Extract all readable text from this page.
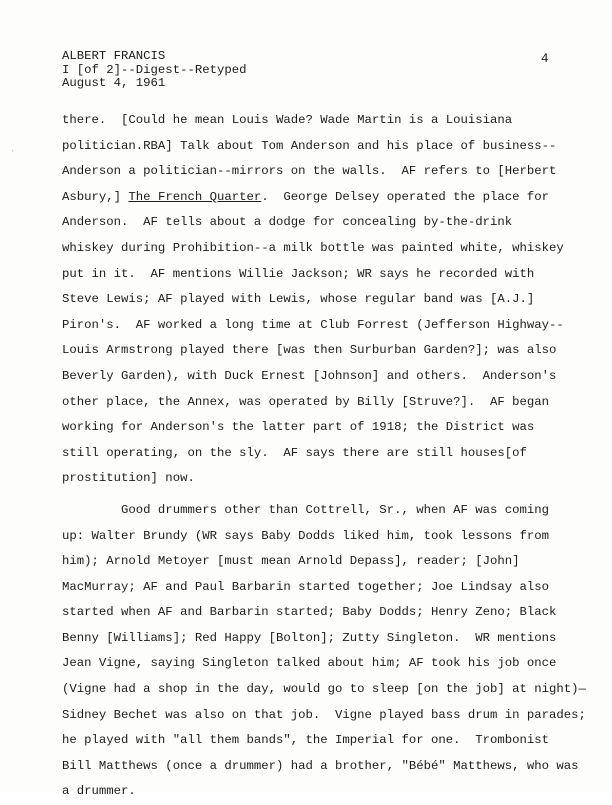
ALBERT FRANCIS
I [of 2]--Digest--Retyped
August 4, 1961
4
ˊ
there.  [Could he mean Louis Wade? Wade Martin is a Louisiana
politician.RBA] Talk about Tom Anderson and his place of business--
Anderson a politician--mirrors on the walls.  AF refers to [Herbert
Asbury,] The French Quarter.  George Delsey operated the place for
Anderson.  AF tells about a dodge for concealing by-the-drink
whiskey during Prohibition--a milk bottle was painted white, whiskey
put in it.  AF mentions Willie Jackson; WR says he recorded with
Steve Lewis; AF played with Lewis, whose regular band was [A.J.]
Piron's.  AF worked a long time at Club Forrest (Jefferson Highway--
Louis Armstrong played there [was then Surburban Garden?]; was also
Beverly Garden), with Duck Ernest [Johnson] and others.  Anderson's
other place, the Annex, was operated by Billy [Struve?].  AF began
working for Anderson's the latter part of 1918; the District was
still operating, on the sly.  AF says there are still houses[of
prostitution] now.
Good drummers other than Cottrell, Sr., when AF was coming
up: Walter Brundy (WR says Baby Dodds liked him, took lessons from
him); Arnold Metoyer [must mean Arnold Depass], reader; [John]
MacMurray; AF and Paul Barbarin started together; Joe Lindsay also
started when AF and Barbarin started; Baby Dodds; Henry Zeno; Black
Benny [Williams]; Red Happy [Bolton]; Zutty Singleton.  WR mentions
Jean Vigne, saying Singleton talked about him; AF took his job once
(Vigne had a shop in the day, would go to sleep [on the job] at night)—
Sidney Bechet was also on that job.  Vigne played bass drum in parades;
he played with "all them bands", the Imperial for one.  Trombonist
Bill Matthews (once a drummer) had a brother, "Bébé" Matthews, who was
a drummer.
